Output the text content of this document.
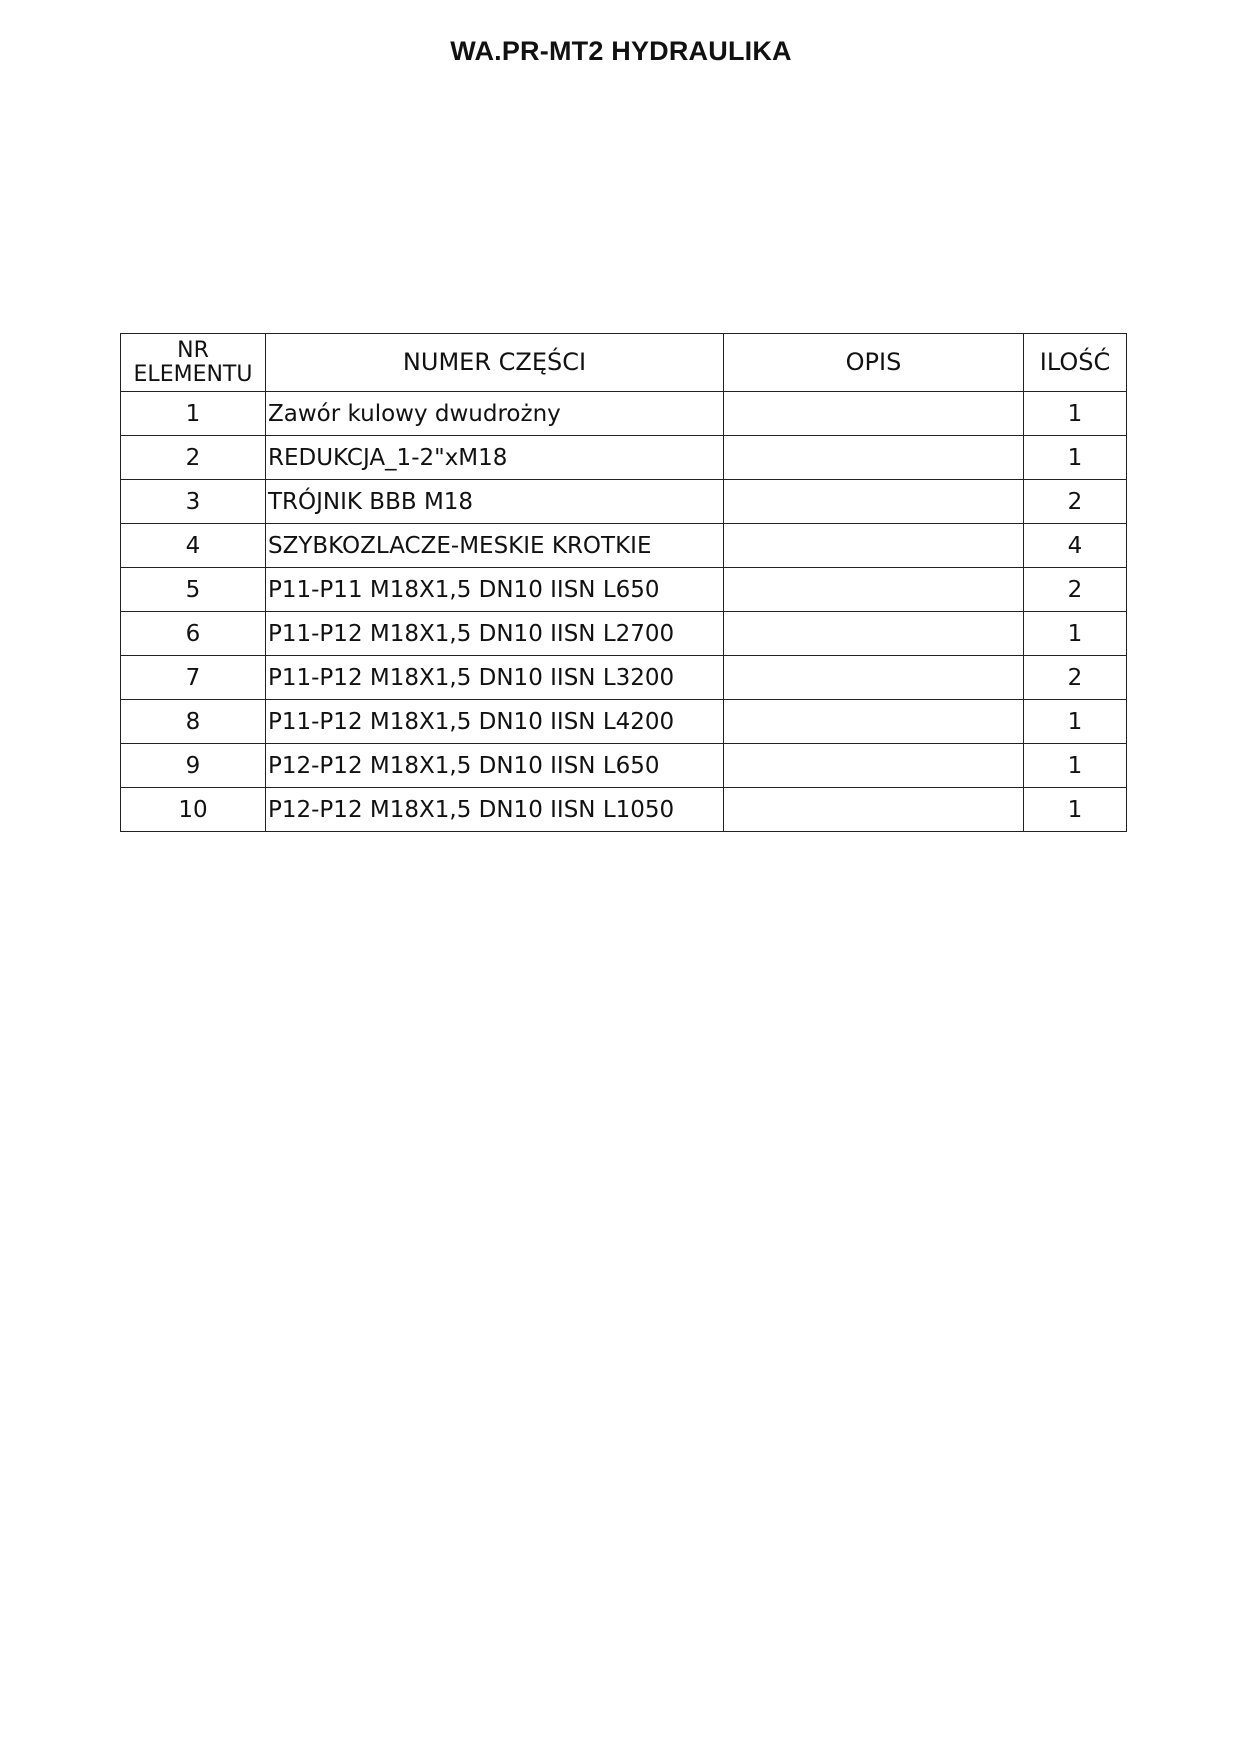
WA.PR-MT2 HYDRAULIKA
NR
ELEMENTU	NUMER CZĘŚCI	OPIS	ILOŚĆ
1	Zawór kulowy dwudrożny		1
2	REDUKCJA_1-2"xM18		1
3	TRÓJNIK BBB M18		2
4	SZYBKOZLACZE-MESKIE KROTKIE		4
5	P11-P11 M18X1,5 DN10 IISN L650		2
6	P11-P12 M18X1,5 DN10 IISN L2700		1
7	P11-P12 M18X1,5 DN10 IISN L3200		2
8	P11-P12 M18X1,5 DN10 IISN L4200		1
9	P12-P12 M18X1,5 DN10 IISN L650		1
10	P12-P12 M18X1,5 DN10 IISN L1050		1
